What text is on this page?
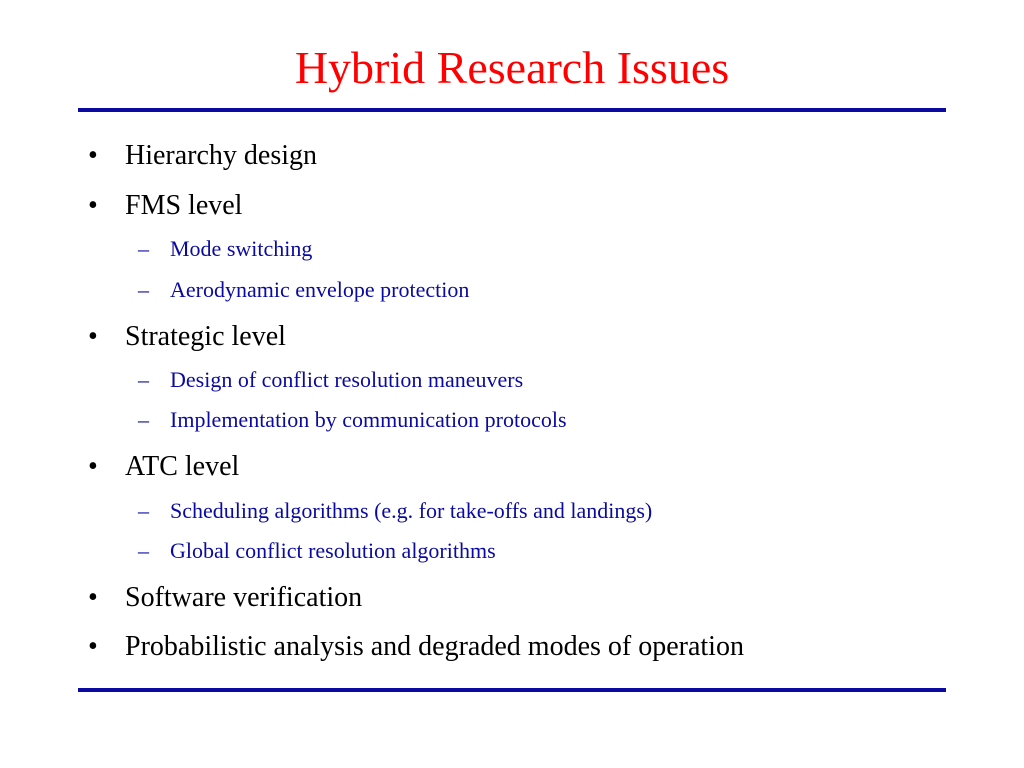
Hybrid Research Issues
• Hierarchy design
• FMS level
– Mode switching
– Aerodynamic envelope protection
• Strategic level
– Design of conflict resolution maneuvers
– Implementation by communication protocols
• ATC level
– Scheduling algorithms (e.g. for take-offs and landings)
– Global conflict resolution algorithms
• Software verification
• Probabilistic analysis and degraded modes of operation
